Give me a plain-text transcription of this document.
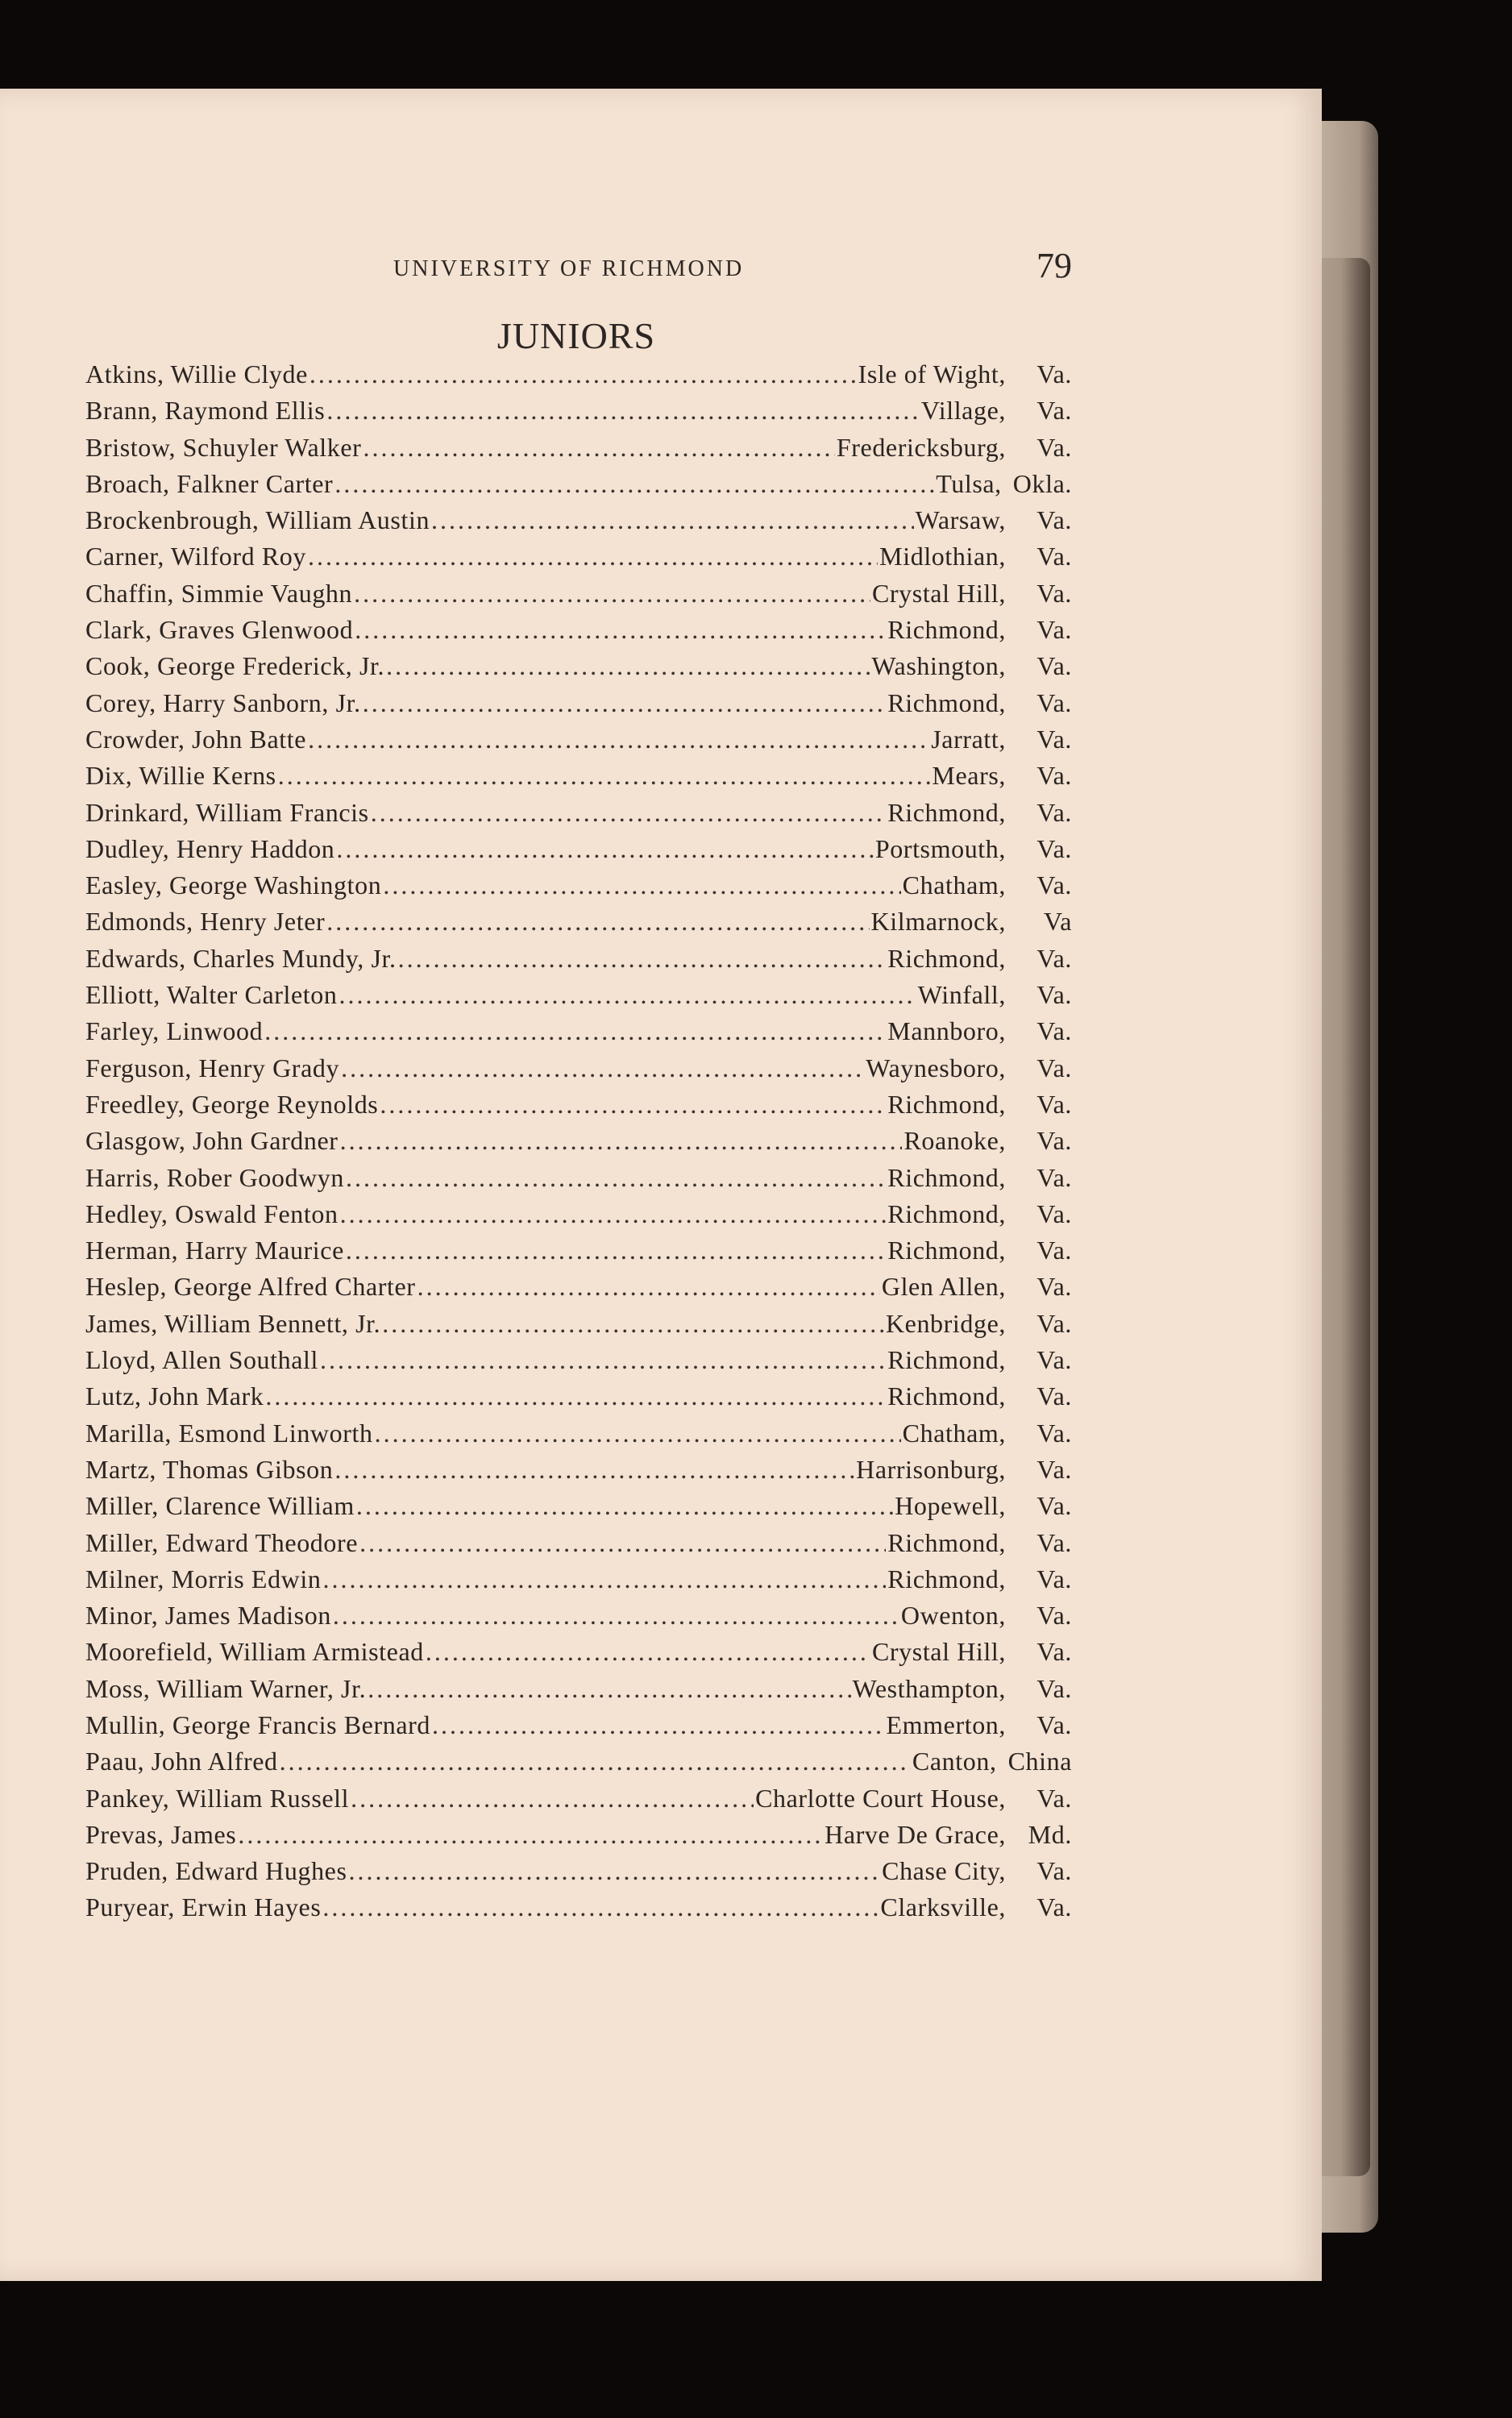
UNIVERSITY OF RICHMOND	79
JUNIORS
Atkins, Willie Clyde .....	Isle of Wight,	Va.
Brann, Raymond Ellis .....	Village,	Va.
Bristow, Schuyler Walker .....	Fredericksburg,	Va.
Broach, Falkner Carter .....	Tulsa, Okla.
Brockenbrough, William Austin .....	Warsaw,	Va.
Carner, Wilford Roy .....	Midlothian,	Va.
Chaffin, Simmie Vaughn .....	Crystal Hill,	Va.
Clark, Graves Glenwood .....	Richmond,	Va.
Cook, George Frederick, Jr. .....	Washington,	Va.
Corey, Harry Sanborn, Jr. .....	Richmond,	Va.
Crowder, John Batte .....	Jarratt,	Va.
Dix, Willie Kerns .....	Mears,	Va.
Drinkard, William Francis .....	Richmond,	Va.
Dudley, Henry Haddon .....	Portsmouth,	Va.
Easley, George Washington .....	Chatham,	Va.
Edmonds, Henry Jeter .....	Kilmarnock,	Va
Edwards, Charles Mundy, Jr. .....	Richmond,	Va.
Elliott, Walter Carleton .....	Winfall,	Va.
Farley, Linwood .....	Mannboro,	Va.
Ferguson, Henry Grady .....	Waynesboro,	Va.
Freedley, George Reynolds .....	Richmond,	Va.
Glasgow, John Gardner .....	Roanoke,	Va.
Harris, Rober Goodwyn .....	Richmond,	Va.
Hedley, Oswald Fenton .....	Richmond,	Va.
Herman, Harry Maurice .....	Richmond,	Va.
Heslep, George Alfred Charter .....	Glen Allen,	Va.
James, William Bennett, Jr. .....	Kenbridge,	Va.
Lloyd, Allen Southall .....	Richmond,	Va.
Lutz, John Mark .....	Richmond,	Va.
Marilla, Esmond Linworth .....	Chatham,	Va.
Martz, Thomas Gibson .....	Harrisonburg,	Va.
Miller, Clarence William .....	Hopewell,	Va.
Miller, Edward Theodore .....	Richmond,	Va.
Milner, Morris Edwin .....	Richmond,	Va.
Minor, James Madison .....	Owenton,	Va.
Moorefield, William Armistead .....	Crystal Hill,	Va.
Moss, William Warner, Jr. .....	Westhampton,	Va.
Mullin, George Francis Bernard .....	Emmerton,	Va.
Paau, John Alfred .....	Canton, China
Pankey, William Russell .....	Charlotte Court House,	Va.
Prevas, James .....	Harve De Grace, Md.
Pruden, Edward Hughes .....	Chase City,	Va.
Puryear, Erwin Hayes .....	Clarksville,	Va.
